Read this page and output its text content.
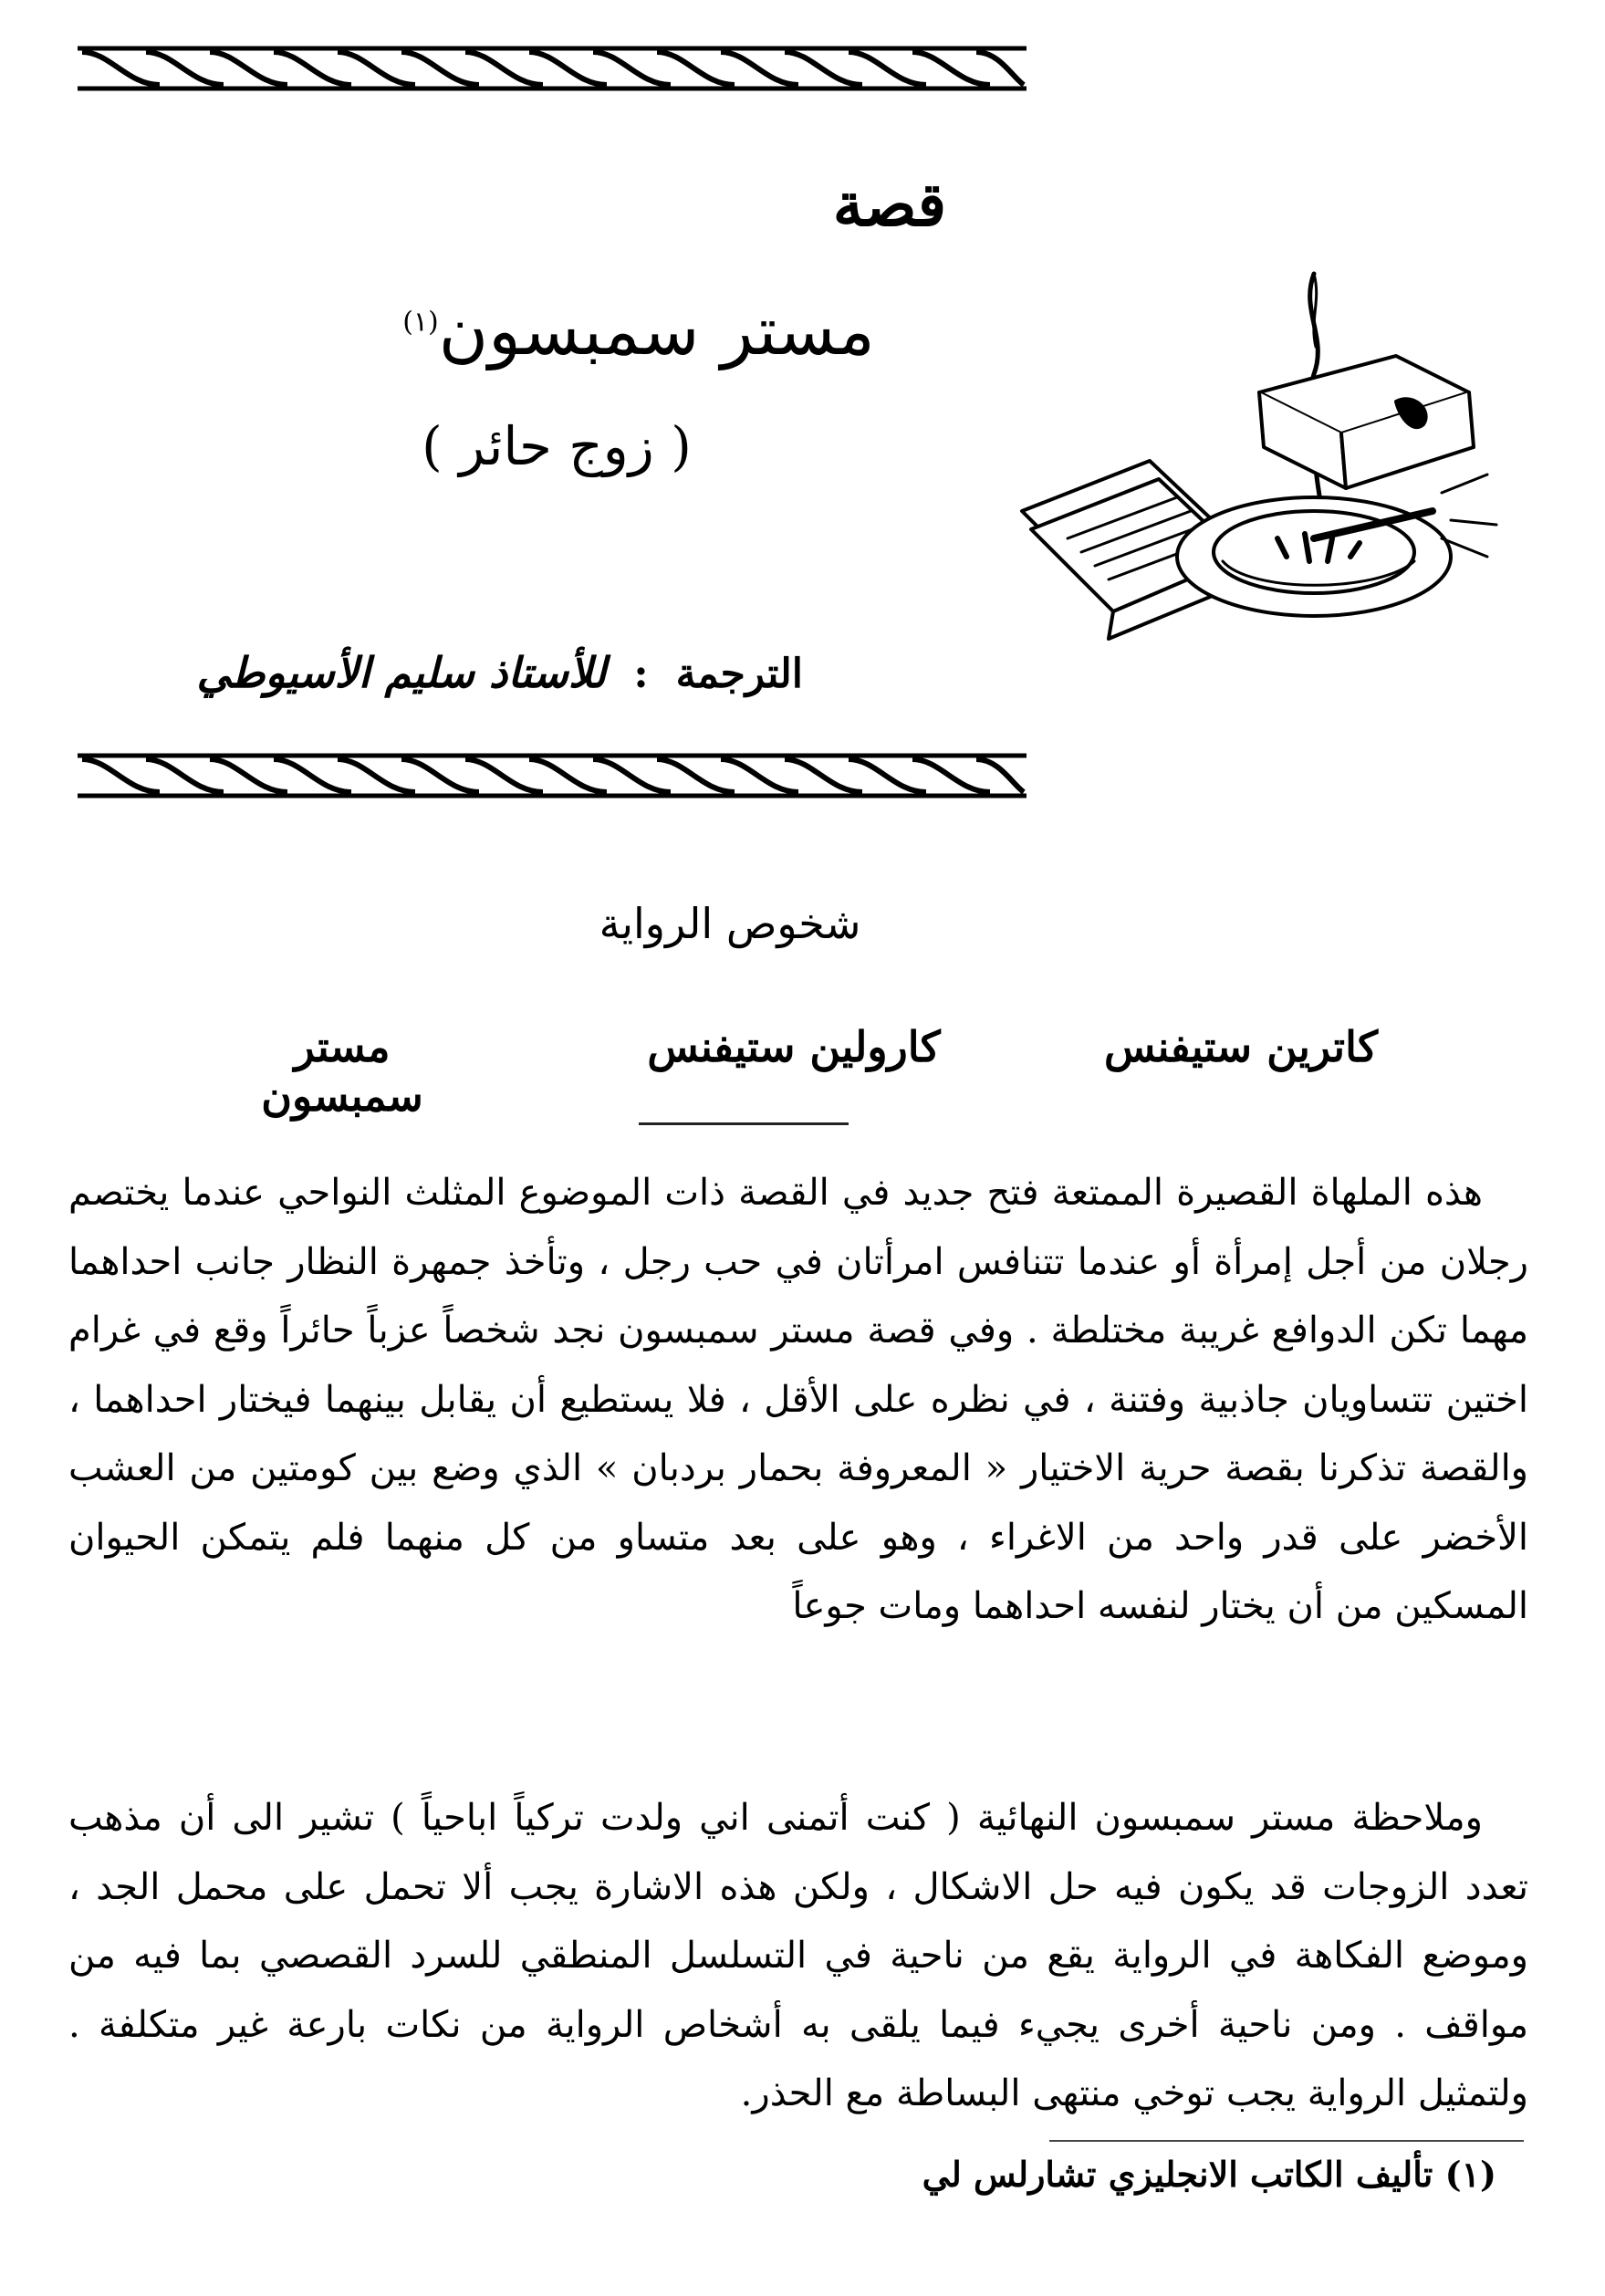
قصة
مستر سمبسون$^{(١)}$
( زوج حائر )
الترجمة
:
للأستاذ سليم الأسيوطي
شخوص الرواية
كاترين ستيفنس
كارولين ستيفنس
مستر سمبسون
هذه الملهاة القصيرة الممتعة فتح جديد في القصة ذات الموضوع المثلث النواحي عندما يختصم رجلان من أجل إمرأة أو عندما تتنافس امرأتان في حب رجل ، وتأخذ جمهرة النظار جانب احداهما مهما تكن الدوافع غريبة مختلطة . وفي قصة مستر سمبسون نجد شخصاً عزباً حائراً وقع في غرام اختين تتساويان جاذبية وفتنة ، في نظره على الأقل ، فلا يستطيع أن يقابل بينهما فيختار احداهما ، والقصة تذكرنا بقصة حرية الاختيار « المعروفة بحمار بردبان » الذي وضع بين كومتين من العشب الأخضر على قدر واحد من الاغراء ، وهو على بعد متساو من كل منهما فلم يتمكن الحيوان المسكين من أن يختار لنفسه احداهما ومات جوعاً
وملاحظة مستر سمبسون النهائية ( كنت أتمنى اني ولدت تركياً اباحياً ) تشير الى أن مذهب تعدد الزوجات قد يكون فيه حل الاشكال ، ولكن هذه الاشارة يجب ألا تحمل على محمل الجد ، وموضع الفكاهة في الرواية يقع من ناحية في التسلسل المنطقي للسرد القصصي بما فيه من مواقف . ومن ناحية أخرى يجيء فيما يلقى به أشخاص الرواية من نكات بارعة غير متكلفة . ولتمثيل الرواية يجب توخي منتهى البساطة مع الحذر.
(١) تأليف الكاتب الانجليزي تشارلس لي
